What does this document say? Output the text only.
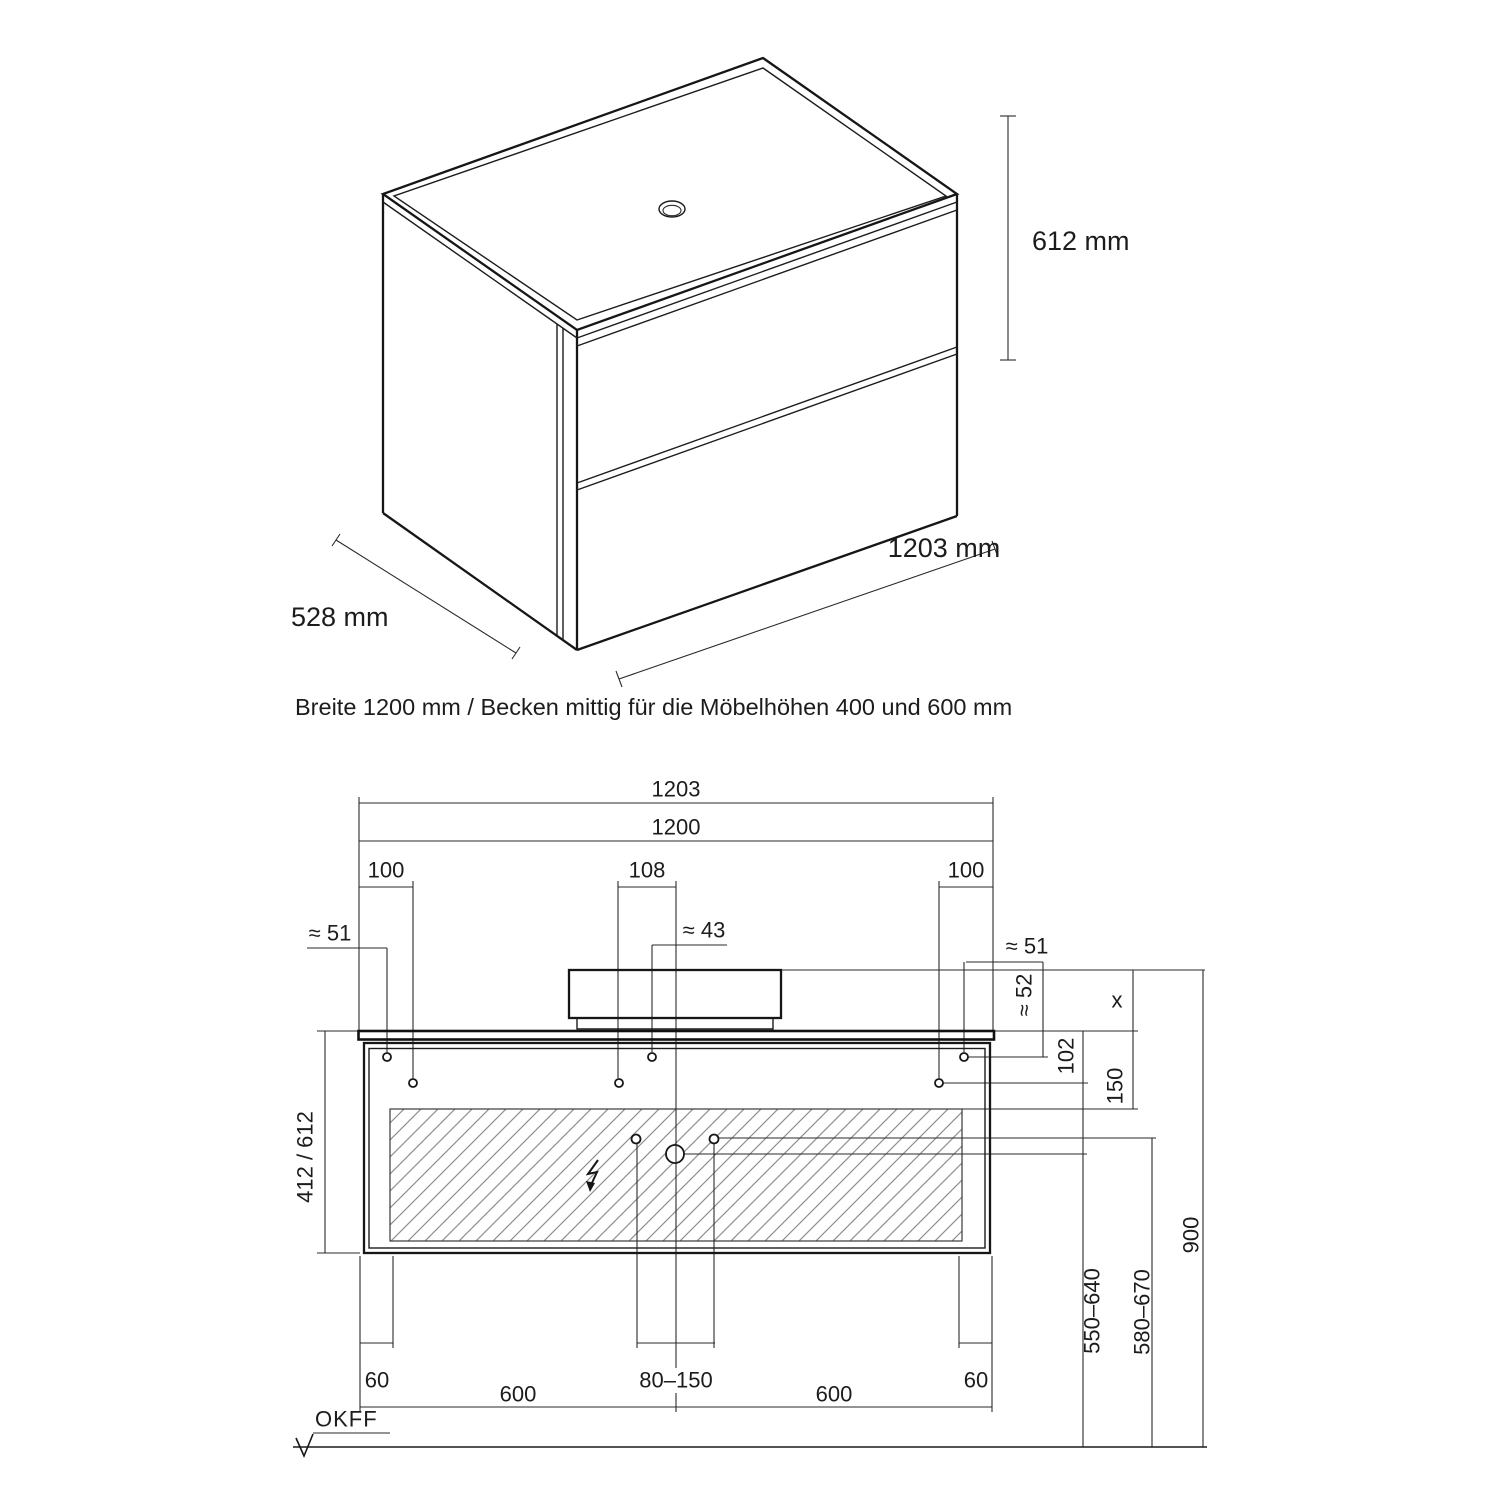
612 mm
1203 mm
528 mm
Breite 1200 mm / Becken mittig für die Möbelhöhen 400 und 600 mm
OKFF
1203
1200
100	108	100
≈ 51	≈ 43
≈ 51
≈ 52	x
102
150
412 / 612
900
550–640 580–670
60	80–150	60
600	600
